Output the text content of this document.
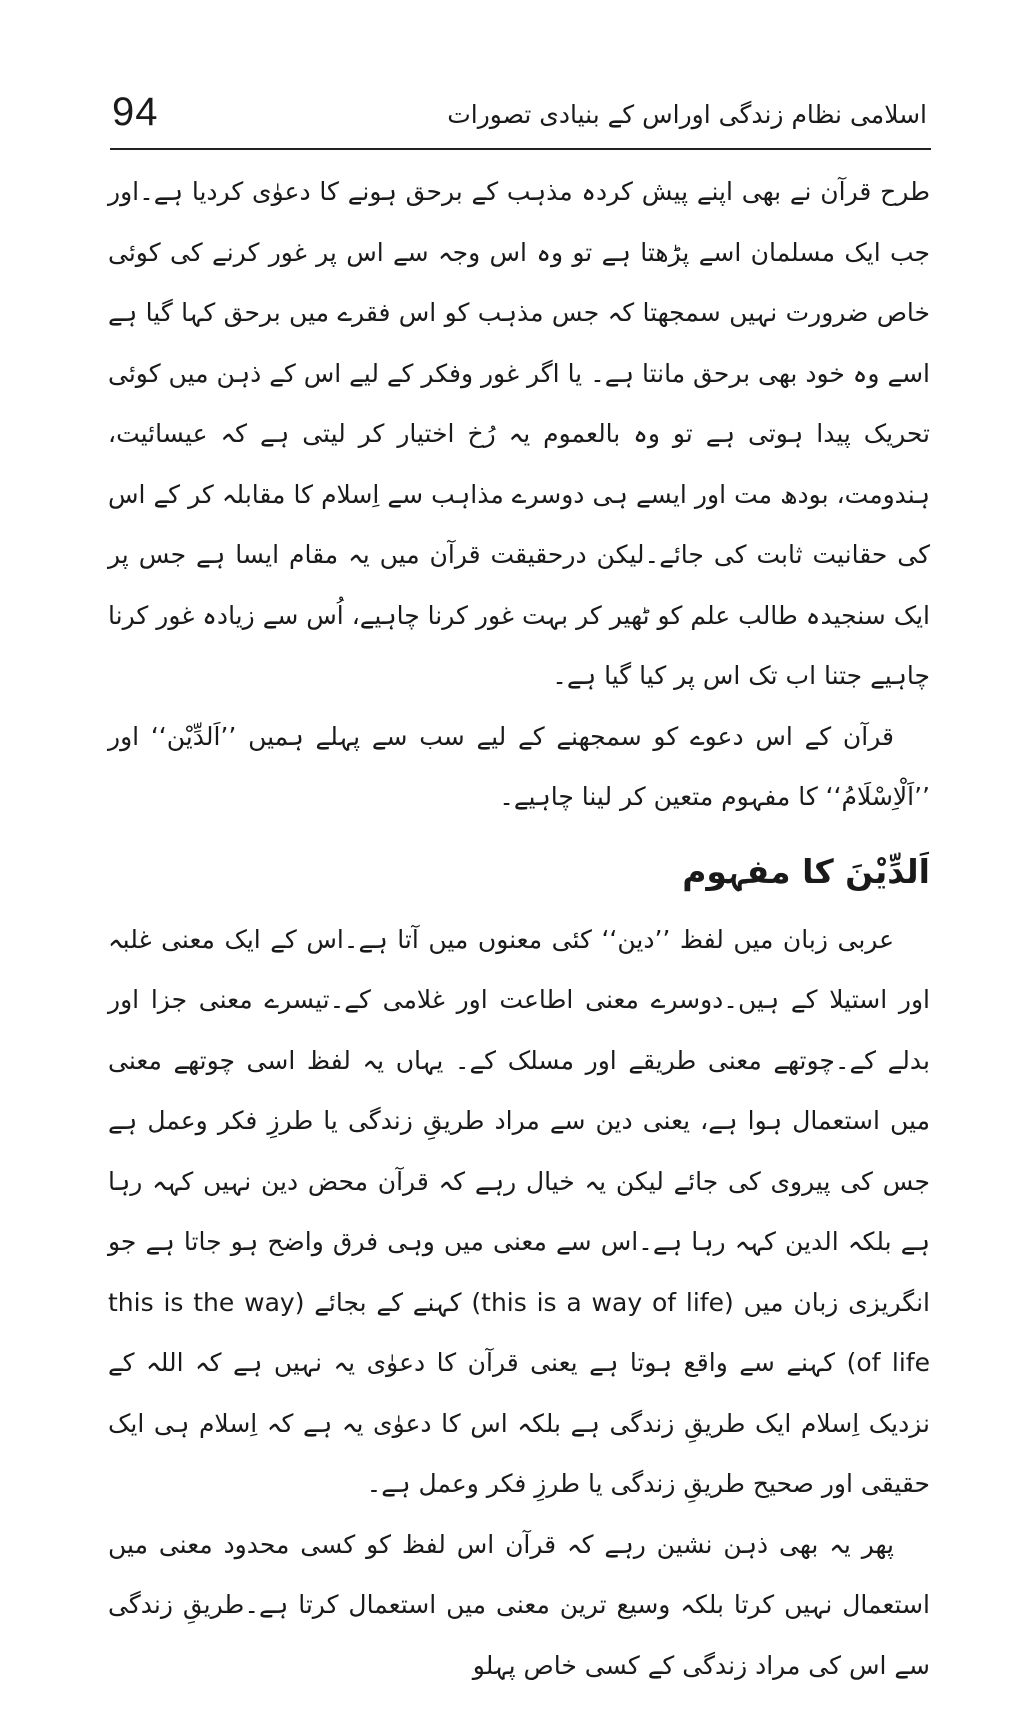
94	اسلامی نظام زندگی اوراس کے بنیادی تصورات

طرح قرآن نے بھی اپنے پیش کردہ مذہب کے برحق ہونے کا دعوٰی کردیا ہے۔اور جب ایک مسلمان اسے پڑھتا ہے تو وہ اس وجہ سے اس پر غور کرنے کی کوئی خاص ضرورت نہیں سمجھتا کہ جس مذہب کو اس فقرے میں برحق کہا گیا ہے اسے وہ خود بھی برحق مانتا ہے۔ یا اگر غور وفکر کے لیے اس کے ذہن میں کوئی تحریک پیدا ہوتی ہے تو وہ بالعموم یہ رُخ اختیار کر لیتی ہے کہ عیسائیت، ہندومت، بودھ مت اور ایسے ہی دوسرے مذاہب سے اِسلام کا مقابلہ کر کے اس کی حقانیت ثابت کی جائے۔لیکن درحقیقت قرآن میں یہ مقام ایسا ہے جس پر ایک سنجیدہ طالب علم کو ٹھیر کر بہت غور کرنا چاہیے، اُس سے زیادہ غور کرنا چاہیے جتنا اب تک اس پر کیا گیا ہے۔

قرآن کے اس دعوے کو سمجھنے کے لیے سب سے پہلے ہمیں ’’اَلدِّیْن‘‘ اور ’’اَلْاِسْلَامُ‘‘ کا مفہوم متعین کر لینا چاہیے۔

اَلدِّیْنَ کا مفہوم

عربی زبان میں لفظ ’’دین‘‘ کئی معنوں میں آتا ہے۔اس کے ایک معنی غلبہ اور استیلا کے ہیں۔دوسرے معنی اطاعت اور غلامی کے۔تیسرے معنی جزا اور بدلے کے۔چوتھے معنی طریقے اور مسلک کے۔ یہاں یہ لفظ اسی چوتھے معنی میں استعمال ہوا ہے، یعنی دین سے مراد طریقِ زندگی یا طرزِ فکر وعمل ہے جس کی پیروی کی جائے لیکن یہ خیال رہے کہ قرآن محض دین نہیں کہہ رہا ہے بلکہ الدین کہہ رہا ہے۔اس سے معنی میں وہی فرق واضح ہو جاتا ہے جو انگریزی زبان میں (this is a way of life) کہنے کے بجائے (this is the way of life) کہنے سے واقع ہوتا ہے یعنی قرآن کا دعوٰی یہ نہیں ہے کہ اللہ کے نزدیک اِسلام ایک طریقِ زندگی ہے بلکہ اس کا دعوٰی یہ ہے کہ اِسلام ہی ایک حقیقی اور صحیح طریقِ زندگی یا طرزِ فکر وعمل ہے۔

پھر یہ بھی ذہن نشین رہے کہ قرآن اس لفظ کو کسی محدود معنی میں استعمال نہیں کرتا بلکہ وسیع ترین معنی میں استعمال کرتا ہے۔طریقِ زندگی سے اس کی مراد زندگی کے کسی خاص پہلو
